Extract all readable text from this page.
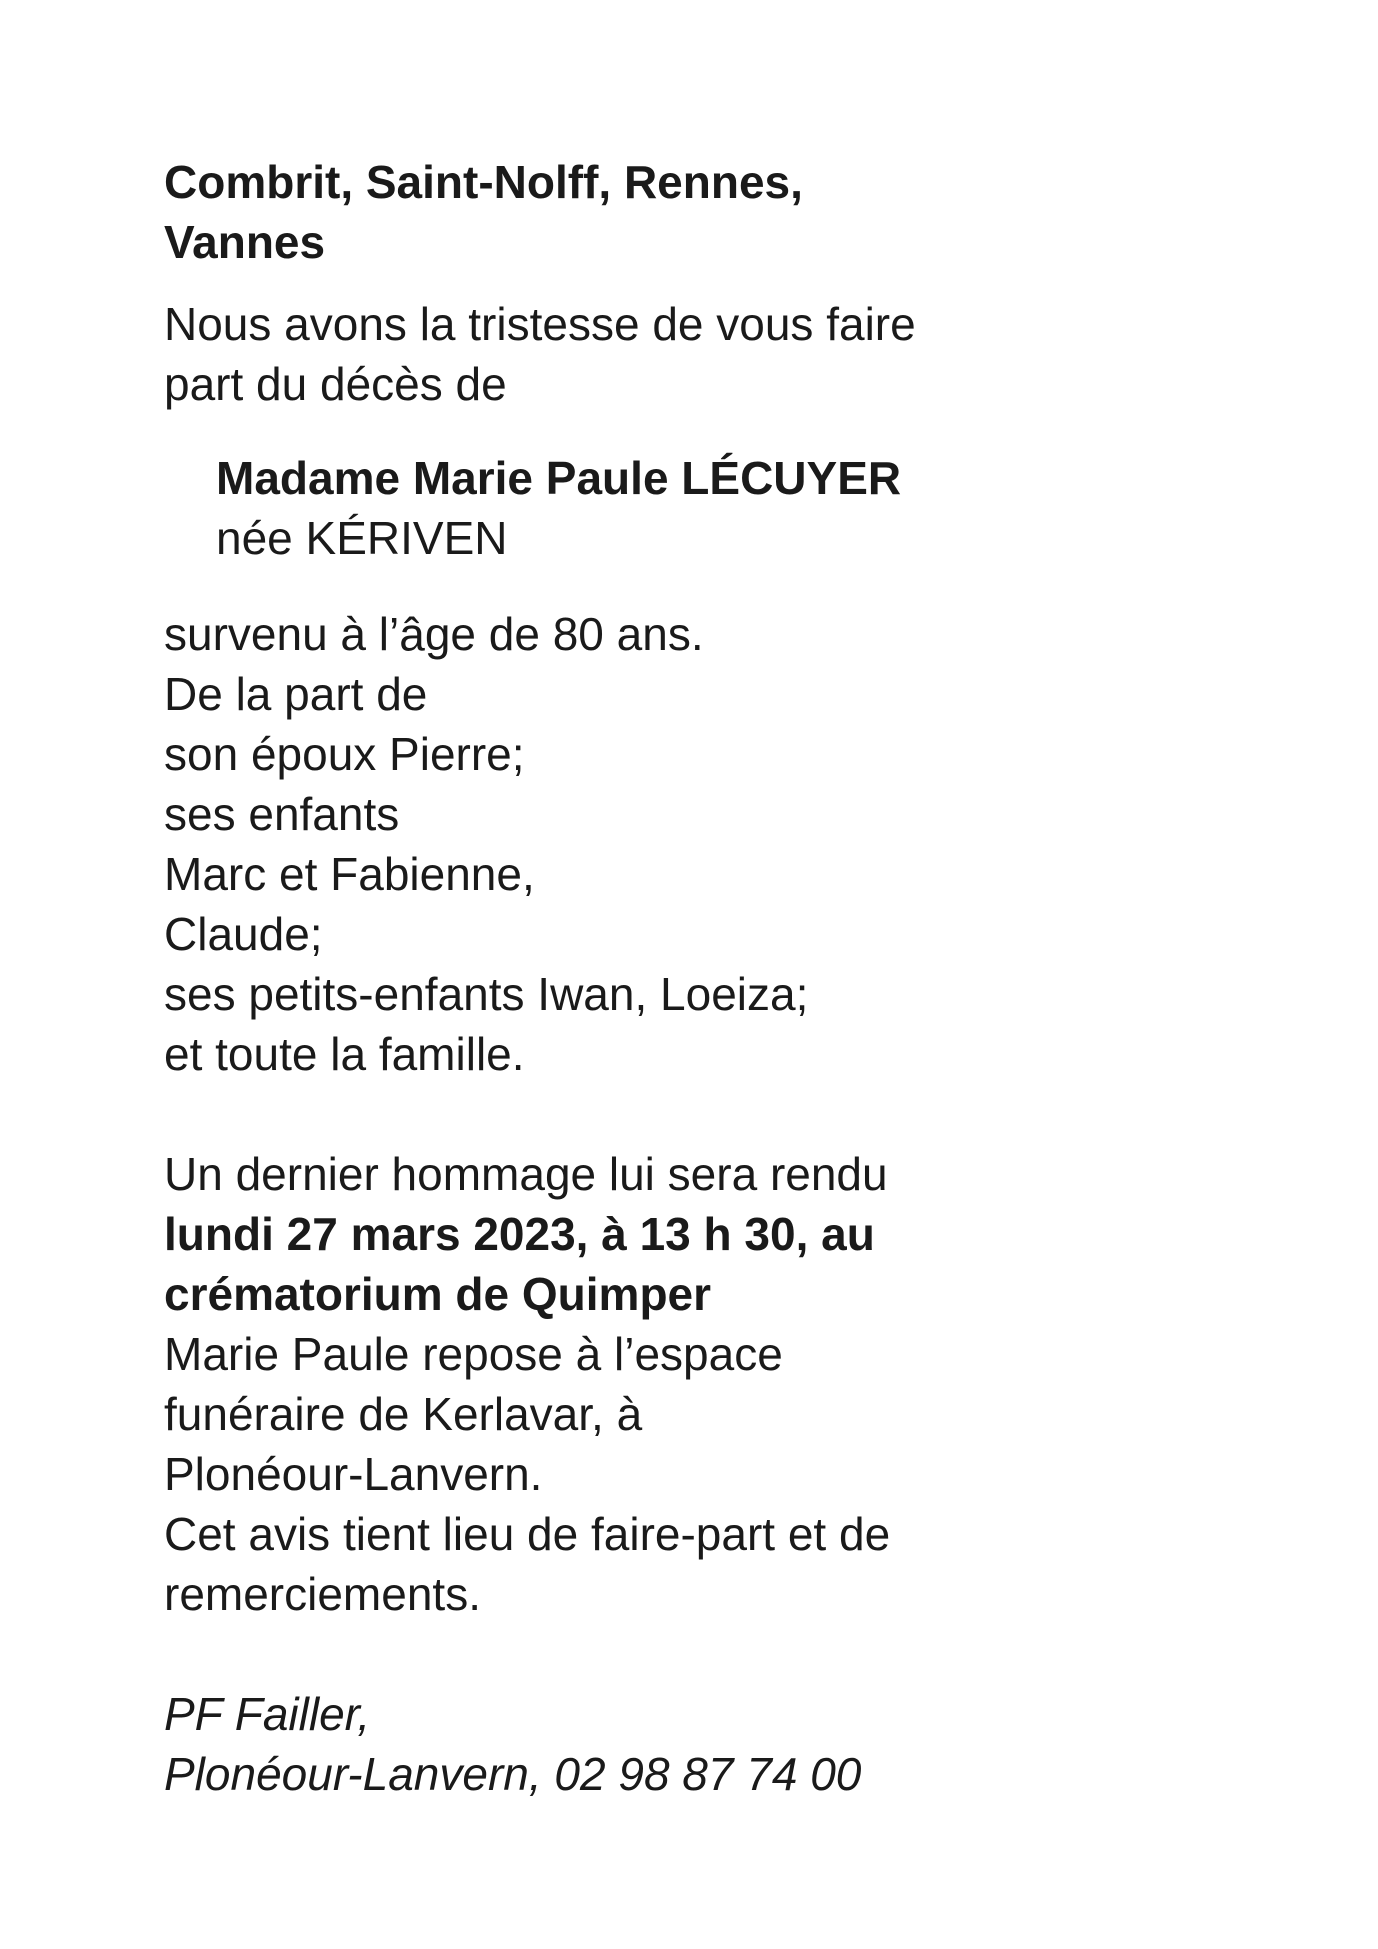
Combrit, Saint-Nolff, Rennes,
Vannes
Nous avons la tristesse de vous faire
part du décès de
Madame Marie Paule LÉCUYER
née KÉRIVEN
survenu à l’âge de 80 ans.
De la part de
son époux Pierre;
ses enfants
Marc et Fabienne,
Claude;
ses petits-enfants Iwan, Loeiza;
et toute la famille.
Un dernier hommage lui sera rendu
lundi 27 mars 2023, à 13 h 30, au
crématorium de Quimper
Marie Paule repose à l’espace
funéraire de Kerlavar, à
Plonéour-Lanvern.
Cet avis tient lieu de faire-part et de
remerciements.
PF Failler,
Plonéour-Lanvern, 02 98 87 74 00
